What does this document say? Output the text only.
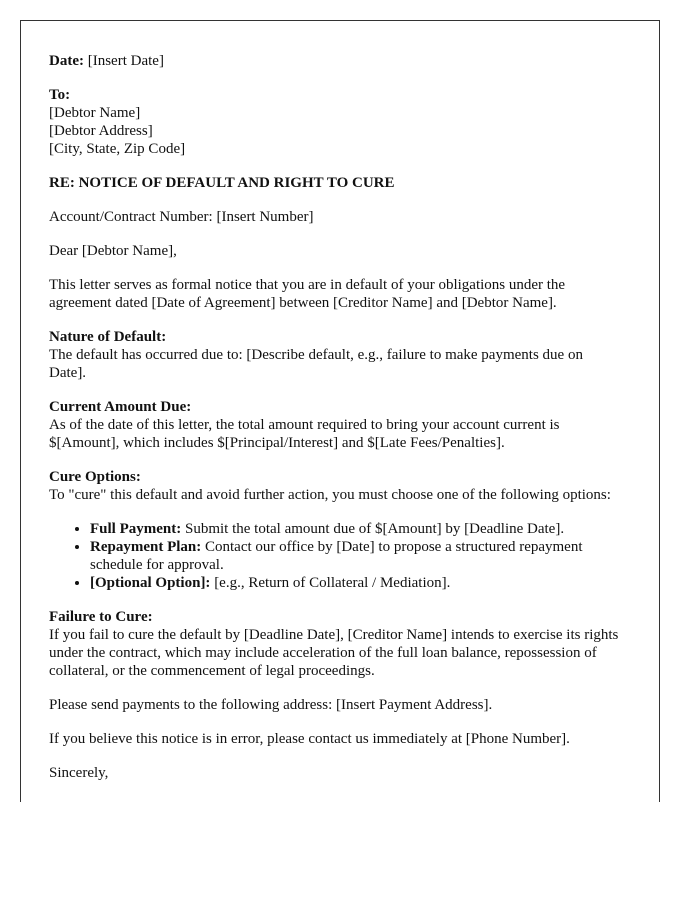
Date: [Insert Date]

To:
[Debtor Name]
[Debtor Address]
[City, State, Zip Code]

RE: NOTICE OF DEFAULT AND RIGHT TO CURE

Account/Contract Number: [Insert Number]

Dear [Debtor Name],

This letter serves as formal notice that you are in default of your obligations under the agreement dated [Date of Agreement] between [Creditor Name] and [Debtor Name].

Nature of Default:
The default has occurred due to: [Describe default, e.g., failure to make payments due on Date].

Current Amount Due:
As of the date of this letter, the total amount required to bring your account current is $[Amount], which includes $[Principal/Interest] and $[Late Fees/Penalties].

Cure Options:
To "cure" this default and avoid further action, you must choose one of the following options:

• Full Payment: Submit the total amount due of $[Amount] by [Deadline Date].
• Repayment Plan: Contact our office by [Date] to propose a structured repayment schedule for approval.
• [Optional Option]: [e.g., Return of Collateral / Mediation].

Failure to Cure:
If you fail to cure the default by [Deadline Date], [Creditor Name] intends to exercise its rights under the contract, which may include acceleration of the full loan balance, repossession of collateral, or the commencement of legal proceedings.

Please send payments to the following address: [Insert Payment Address].

If you believe this notice is in error, please contact us immediately at [Phone Number].

Sincerely,
